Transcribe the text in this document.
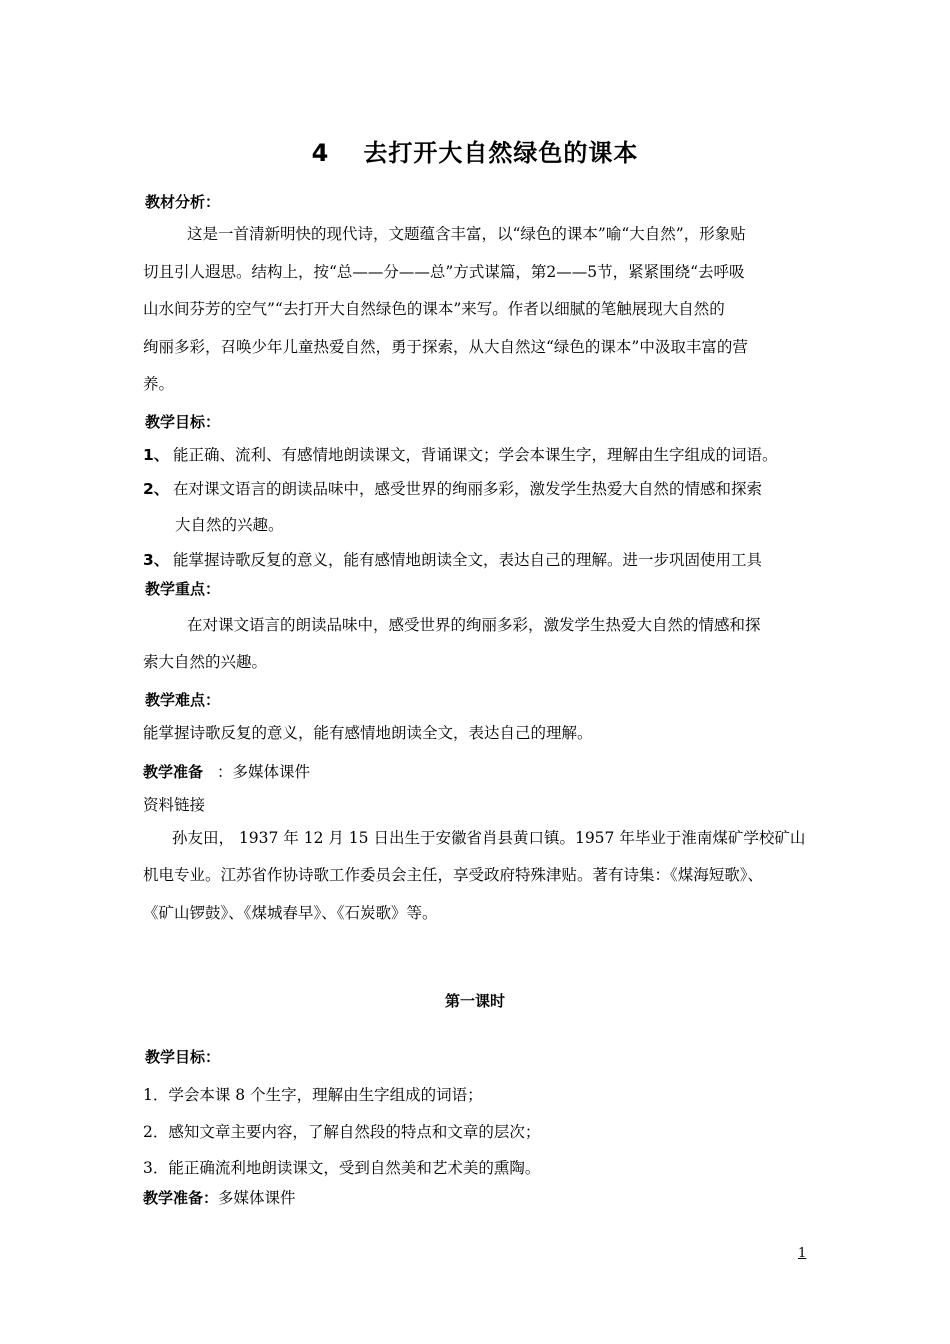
4 去打开大自然绿色的课本
教材分析：
这是一首清新明快的现代诗，文题蕴含丰富，以“绿色的课本”喻“大自然”，形象贴
切且引人遐思。结构上，按“总——分——总”方式谋篇，第2——5节，紧紧围绕“去呼吸
山水间芬芳的空气”“去打开大自然绿色的课本”来写。作者以细腻的笔触展现大自然的
绚丽多彩，召唤少年儿童热爱自然，勇于探索，从大自然这“绿色的课本”中汲取丰富的营
养。
教学目标：
1、 能正确、流利、有感情地朗读课文，背诵课文；学会本课生字，理解由生字组成的词语。
2、 在对课文语言的朗读品味中，感受世界的绚丽多彩，激发学生热爱大自然的情感和探索
大自然的兴趣。
3、 能掌握诗歌反复的意义，能有感情地朗读全文，表达自己的理解。进一步巩固使用工具
教学重点：
在对课文语言的朗读品味中，感受世界的绚丽多彩，激发学生热爱大自然的情感和探
索大自然的兴趣。
教学难点：
能掌握诗歌反复的意义，能有感情地朗读全文，表达自己的理解。
教学准备 ：多媒体课件
资料链接
孙友田， 1937 年 12 月 15 日出生于安徽省肖县黄口镇。1957 年毕业于淮南煤矿学校矿山
机电专业。江苏省作协诗歌工作委员会主任，享受政府特殊津贴。著有诗集：《煤海短歌》、
《矿山锣鼓》、《煤城春早》、《石炭歌》等。
第一课时
教学目标：
1．学会本课 8 个生字，理解由生字组成的词语；
2．感知文章主要内容，了解自然段的特点和文章的层次；
3．能正确流利地朗读课文，受到自然美和艺术美的熏陶。
教学准备：多媒体课件
1
